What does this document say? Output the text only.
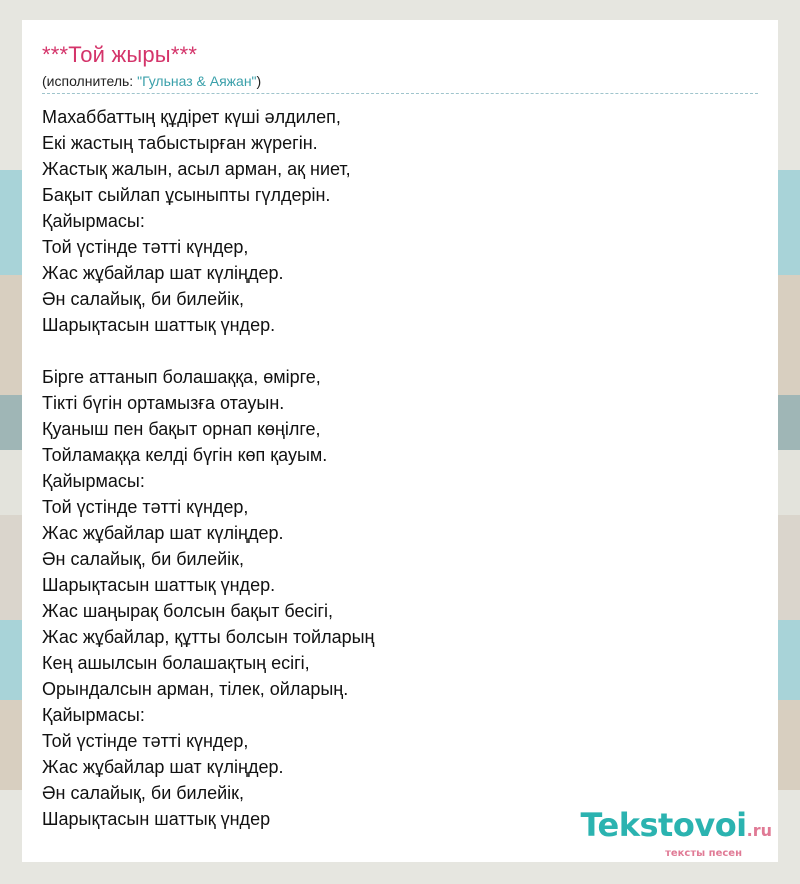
***Той жыры***
(исполнитель: "Гульназ & Аяжан")
Махаббаттың құдірет күші әлдилеп,
Екі жастың табыстырған жүрегін.
Жастық жалын, асыл арман, ақ ниет,
Бақыт сыйлап ұсыныпты гүлдерін.
Қайырмасы:
Той үстінде тәтті күндер,
Жас жұбайлар шат күліңдер.
Ән салайық, би билейік,
Шарықтасын шаттық үндер.
Бірге аттанып болашаққа, өмірге,
Тікті бүгін ортамызға отауын.
Қуаныш пен бақыт орнап көңілге,
Тойламаққа келді бүгін көп қауым.
Қайырмасы:
Той үстінде тәтті күндер,
Жас жұбайлар шат күліңдер.
Ән салайық, би билейік,
Шарықтасын шаттық үндер.
Жас шаңырақ болсын бақыт бесігі,
Жас жұбайлар, құтты болсын тойларың
Кең ашылсын болашақтың есігі,
Орындалсын арман, тілек, ойларың.
Қайырмасы:
Той үстінде тәтті күндер,
Жас жұбайлар шат күліңдер.
Ән салайық, би билейік,
Шарықтасын шаттық үндер	Tekstovoi.ru
тексты песен
